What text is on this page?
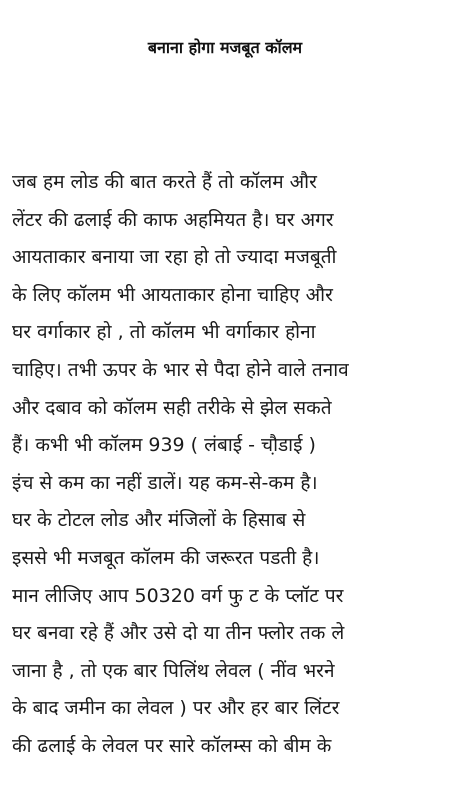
बनाना होगा मजबूत कॉलम

जब हम लोड की बात करते हैं तो कॉलम और
लेंटर की ढलाई की काफ अहमियत है। घर अगर
आयताकार बनाया जा रहा हो तो ज्यादा मजबूती
के लिए कॉलम भी आयताकार होना चाहिए और
घर वर्गाकार हो , तो कॉलम भी वर्गाकार होना
चाहिए। तभी ऊपर के भार से पैदा होने वाले तनाव
और दबाव को कॉलम सही तरीके से झेल सकते
हैं। कभी भी कॉलम 939 ( लंबाई - चौ़डाई )
इंच से कम का नहीं डालें। यह कम-से-कम है।
घर के टोटल लोड और मंजिलों के हिसाब से
इससे भी मजबूत कॉलम की जरूरत पडती है।
मान लीजिए आप 50320 वर्ग फु ट के प्लॉट पर
घर बनवा रहे हैं और उसे दो या तीन फ्लोर तक ले
जाना है , तो एक बार पिलिंथ लेवल ( नींव भरने
के बाद जमीन का लेवल ) पर और हर बार लिंटर
की ढलाई के लेवल पर सारे कॉलम्स को बीम के
